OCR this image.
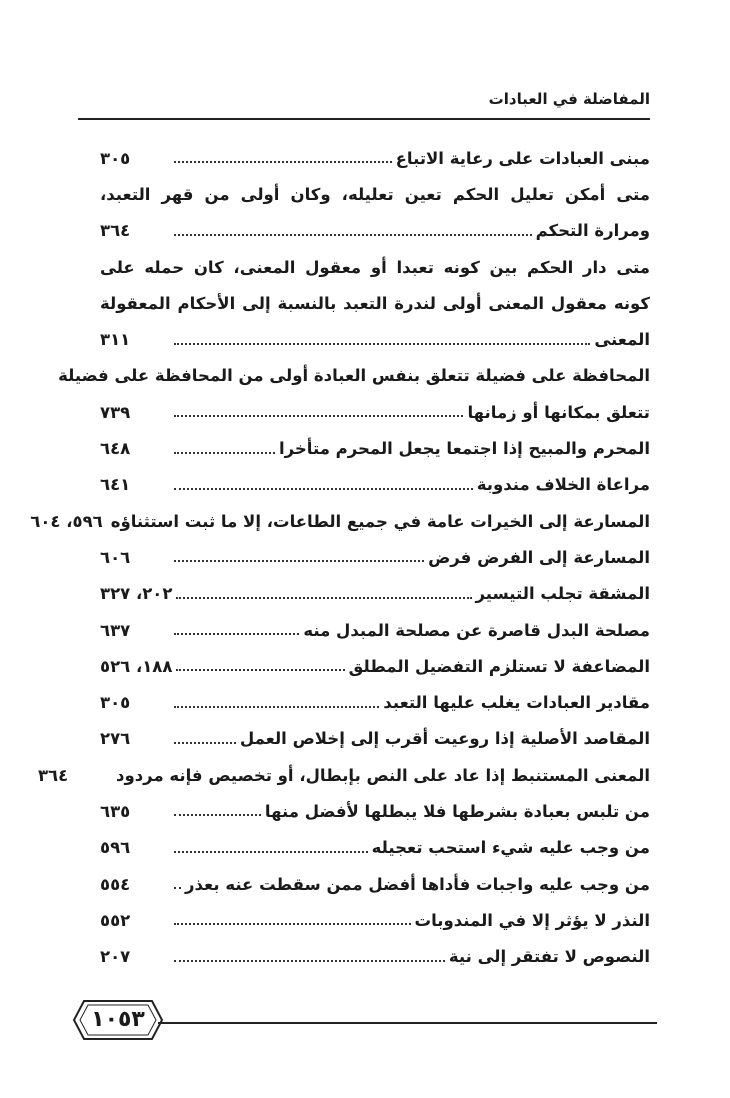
المفاضلة في العبادات
مبنى العبادات على رعاية الاتباع
٣٠٥
متى أمكن تعليل الحكم تعين تعليله، وكان أولى من قهر التعبد،
ومرارة التحكم
٣٦٤
متى دار الحكم بين كونه تعبدا أو معقول المعنى، كان حمله على
كونه معقول المعنى أولى لندرة التعبد بالنسبة إلى الأحكام المعقولة
المعنى
٣١١
المحافظة على فضيلة تتعلق بنفس العبادة أولى من المحافظة على فضيلة
تتعلق بمكانها أو زمانها
٧٣٩
المحرم والمبيح إذا اجتمعا يجعل المحرم متأخرا
٦٤٨
مراعاة الخلاف مندوبة
٦٤١
المسارعة إلى الخيرات عامة في جميع الطاعات، إلا ما ثبت استثناؤه
٥٩٦، ٦٠٤
المسارعة إلى الفرض فرض
٦٠٦
المشقة تجلب التيسير
٢٠٢، ٣٢٧
مصلحة البدل قاصرة عن مصلحة المبدل منه
٦٣٧
المضاعفة لا تستلزم التفضيل المطلق
١٨٨، ٥٢٦
مقادير العبادات يغلب عليها التعبد
٣٠٥
المقاصد الأصلية إذا روعيت أقرب إلى إخلاص العمل
٢٧٦
المعنى المستنبط إذا عاد على النص بإبطال، أو تخصيص فإنه مردود
٣٦٤
من تلبس بعبادة بشرطها فلا يبطلها لأفضل منها
٦٣٥
من وجب عليه شيء استحب تعجيله
٥٩٦
من وجب عليه واجبات فأداها أفضل ممن سقطت عنه بعذر
٥٥٤
النذر لا يؤثر إلا في المندوبات
٥٥٢
النصوص لا تفتقر إلى نية
٢٠٧
١٠٥٣
